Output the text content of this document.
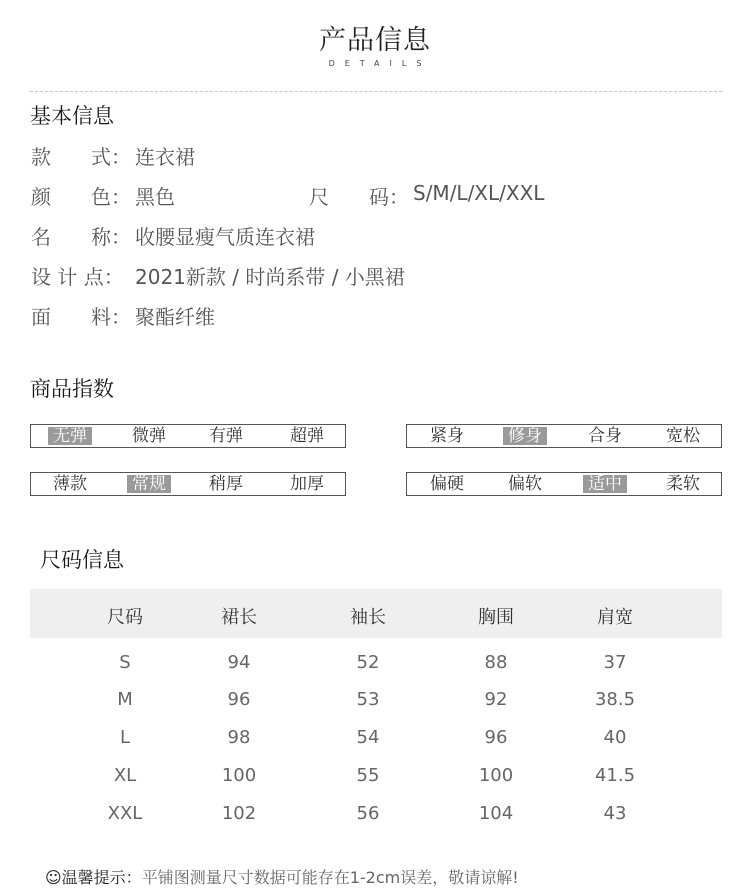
产品信息
DETAILS
基本信息
款　　式： 连衣裙
颜　　色： 黑色	尺　　码： S/M/L/XL/XXL
名　　称： 收腰显瘦气质连衣裙
设 计 点： 2021新款 / 时尚系带 / 小黑裙
面　　料： 聚酯纤维
商品指数
无弹	微弹	有弹	超弹	紧身	修身	合身	宽松
薄款	常规	稍厚	加厚	偏硬	偏软	适中	柔软
尺码信息
尺码	裙长	袖长	胸围	肩宽
S	94	52	88	37
M	96	53	92	38.5
L	98	54	96	40
XL	100	55	100	41.5
XXL	102	56	104	43
☺温馨提示：平铺图测量尺寸数据可能存在1-2cm误差，敬请谅解!
